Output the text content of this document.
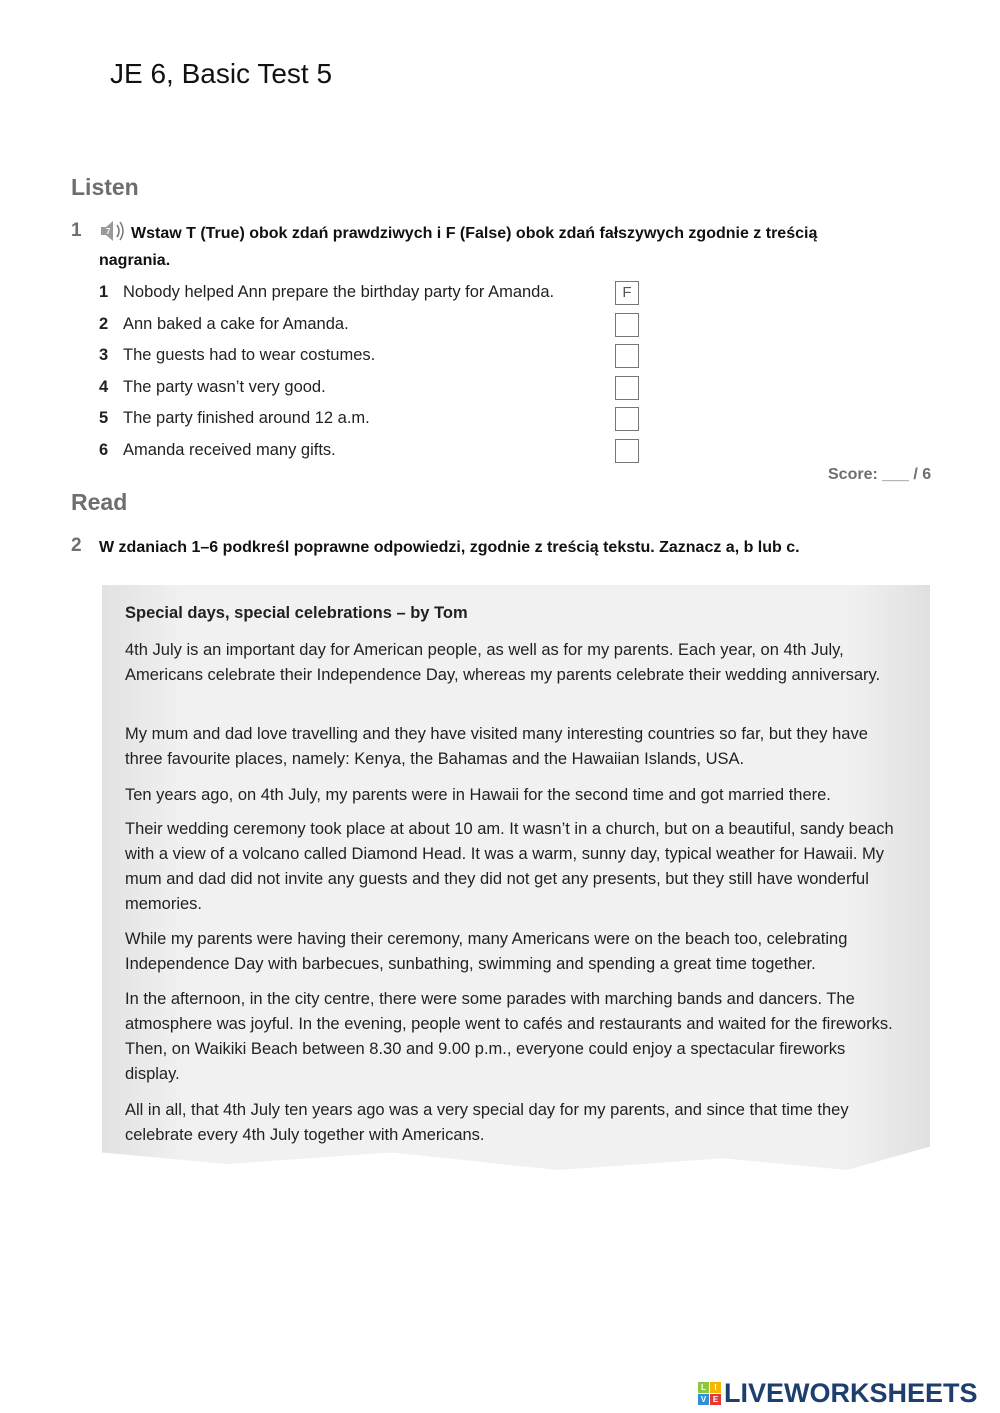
JE 6, Basic Test 5
Listen
1	7 Wstaw T (True) obok zdań prawdziwych i F (False) obok zdań fałszywych zgodnie z treścią nagrania.
1 Nobody helped Ann prepare the birthday party for Amanda.	F
2 Ann baked a cake for Amanda.
3 The guests had to wear costumes.
4 The party wasn’t very good.
5 The party finished around 12 a.m.
6 Amanda received many gifts.
Score: ___ / 6
Read
2 W zdaniach 1–6 podkreśl poprawne odpowiedzi, zgodnie z treścią tekstu. Zaznacz a, b lub c.
Special days, special celebrations – by Tom
4th July is an important day for American people, as well as for my parents. Each year, on 4th July, Americans celebrate their Independence Day, whereas my parents celebrate their wedding anniversary.
My mum and dad love travelling and they have visited many interesting countries so far, but they have three favourite places, namely: Kenya, the Bahamas and the Hawaiian Islands, USA.
Ten years ago, on 4th July, my parents were in Hawaii for the second time and got married there.
Their wedding ceremony took place at about 10 am. It wasn’t in a church, but on a beautiful, sandy beach with a view of a volcano called Diamond Head. It was a warm, sunny day, typical weather for Hawaii. My mum and dad did not invite any guests and they did not get any presents, but they still have wonderful memories.
While my parents were having their ceremony, many Americans were on the beach too, celebrating Independence Day with barbecues, sunbathing, swimming and spending a great time together.
In the afternoon, in the city centre, there were some parades with marching bands and dancers. The atmosphere was joyful. In the evening, people went to cafés and restaurants and waited for the fireworks. Then, on Waikiki Beach between 8.30 and 9.00 p.m., everyone could enjoy a spectacular fireworks display.
All in all, that 4th July ten years ago was a very special day for my parents, and since that time they celebrate every 4th July together with Americans.
L	I
V E LIVEWORKSHEETS
